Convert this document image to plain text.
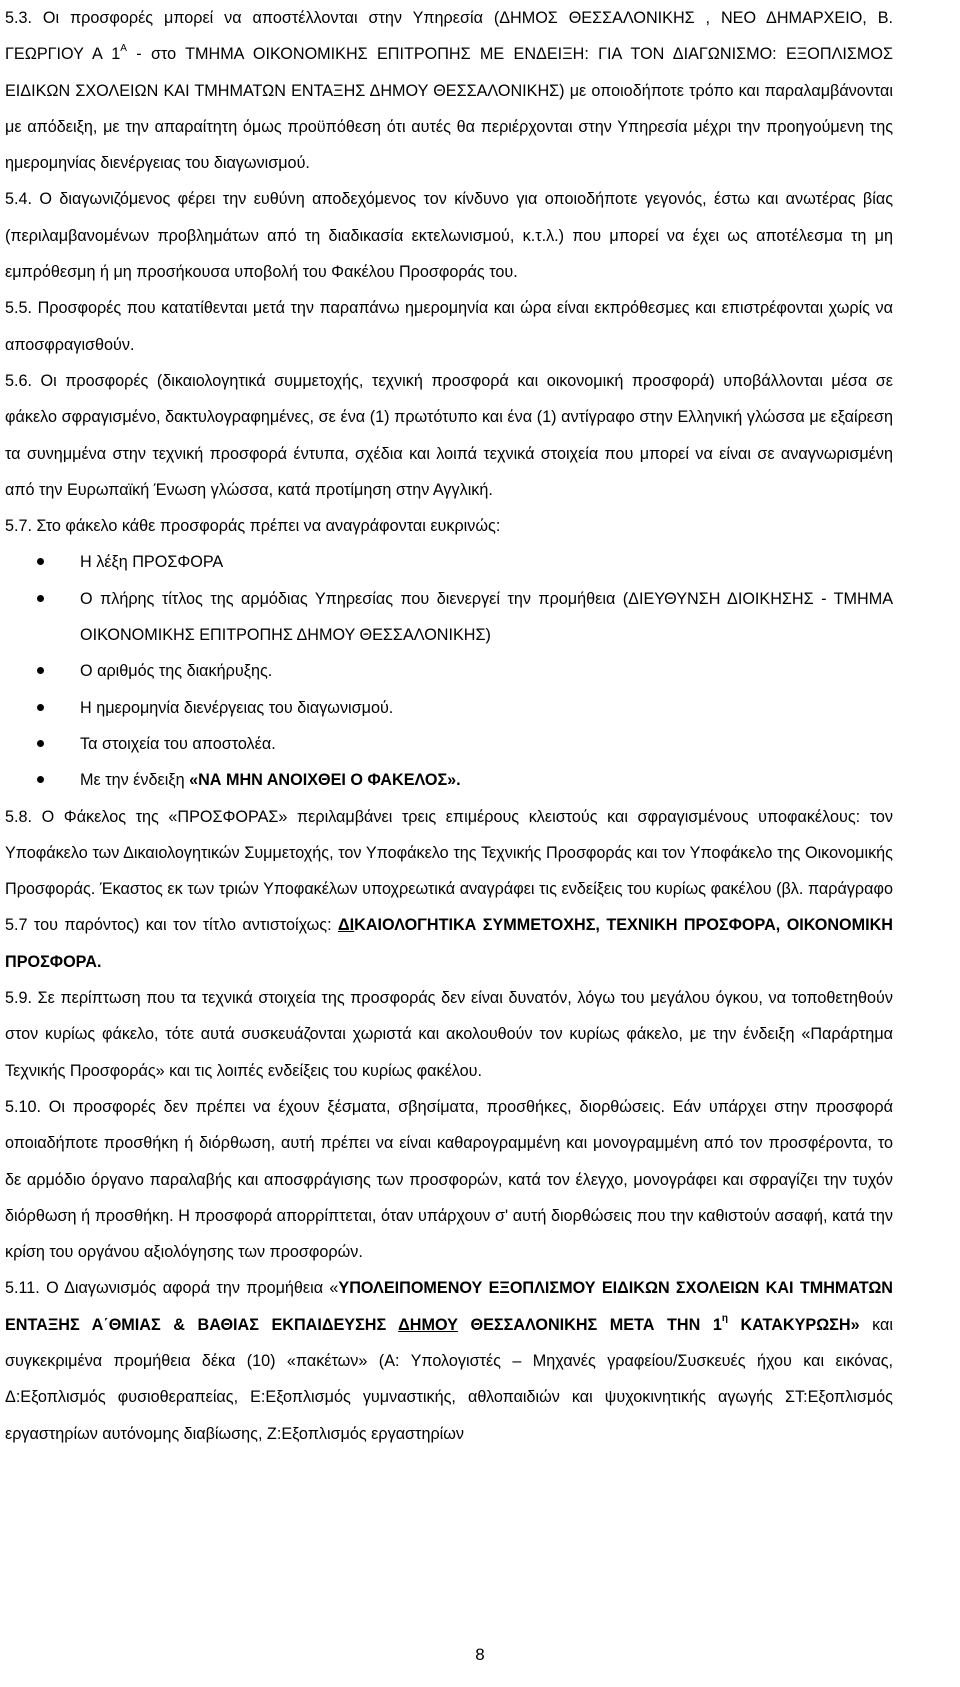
5.3. Οι προσφορές μπορεί να αποστέλλονται στην Υπηρεσία (ΔΗΜΟΣ ΘΕΣΣΑΛΟΝΙΚΗΣ , ΝΕΟ ΔΗΜΑΡΧΕΙΟ, Β. ΓΕΩΡΓΙΟΥ Α $1^A$ - στο ΤΜΗΜΑ ΟΙΚΟΝΟΜΙΚΗΣ ΕΠΙΤΡΟΠΗΣ ΜΕ ΕΝΔΕΙΞΗ: ΓΙΑ ΤΟΝ ΔΙΑΓΩΝΙΣΜΟ: ΕΞΟΠΛΙΣΜΟΣ ΕΙΔΙΚΩΝ ΣΧΟΛΕΙΩΝ ΚΑΙ ΤΜΗΜΑΤΩΝ ΕΝΤΑΞΗΣ ΔΗΜΟΥ ΘΕΣΣΑΛΟΝΙΚΗΣ) με οποιοδήποτε τρόπο και παραλαμβάνονται με απόδειξη, με την απαραίτητη όμως προϋπόθεση ότι αυτές θα περιέρχονται στην Υπηρεσία μέχρι την προηγούμενη της ημερομηνίας διενέργειας του διαγωνισμού.

5.4. Ο διαγωνιζόμενος φέρει την ευθύνη αποδεχόμενος τον κίνδυνο για οποιοδήποτε γεγονός, έστω και ανωτέρας βίας (περιλαμβανομένων προβλημάτων από τη διαδικασία εκτελωνισμού, κ.τ.λ.) που μπορεί να έχει ως αποτέλεσμα τη μη εμπρόθεσμη ή μη προσήκουσα υποβολή του Φακέλου Προσφοράς του.

5.5. Προσφορές που κατατίθενται μετά την παραπάνω ημερομηνία και ώρα είναι εκπρόθεσμες και επιστρέφονται χωρίς να αποσφραγισθούν.

5.6. Οι προσφορές (δικαιολογητικά συμμετοχής, τεχνική προσφορά και οικονομική προσφορά) υποβάλλονται μέσα σε φάκελο σφραγισμένο, δακτυλογραφημένες, σε ένα (1) πρωτότυπο και ένα (1) αντίγραφο στην Ελληνική γλώσσα με εξαίρεση τα συνημμένα στην τεχνική προσφορά έντυπα, σχέδια και λοιπά τεχνικά στοιχεία που μπορεί να είναι σε αναγνωρισμένη από την Ευρωπαϊκή Ένωση γλώσσα, κατά προτίμηση στην Αγγλική.

5.7. Στο φάκελο κάθε προσφοράς πρέπει να αναγράφονται ευκρινώς:

Η λέξη ΠΡΟΣΦΟΡΑ

Ο πλήρης τίτλος της αρμόδιας Υπηρεσίας που διενεργεί την προμήθεια (ΔΙΕΥΘΥΝΣΗ ΔΙΟΙΚΗΣΗΣ - ΤΜΗΜΑ ΟΙΚΟΝΟΜΙΚΗΣ ΕΠΙΤΡΟΠΗΣ ΔΗΜΟΥ ΘΕΣΣΑΛΟΝΙΚΗΣ)

Ο αριθμός της διακήρυξης.

Η ημερομηνία διενέργειας του διαγωνισμού.

Τα στοιχεία του αποστολέα.

Με την ένδειξη «ΝΑ ΜΗΝ ΑΝΟΙΧΘΕΙ Ο ΦΑΚΕΛΟΣ».

5.8. Ο Φάκελος της «ΠΡΟΣΦΟΡΑΣ» περιλαμβάνει τρεις επιμέρους κλειστούς και σφραγισμένους υποφακέλους: τον Υποφάκελο των Δικαιολογητικών Συμμετοχής, τον Υποφάκελο της Τεχνικής Προσφοράς και τον Υποφάκελο της Οικονομικής Προσφοράς. Έκαστος εκ των τριών Υποφακέλων υποχρεωτικά αναγράφει τις ενδείξεις του κυρίως φακέλου (βλ. παράγραφο 5.7 του παρόντος) και τον τίτλο αντιστοίχως: ΔΙΚΑΙΟΛΟΓΗΤΙΚΑ ΣΥΜΜΕΤΟΧΗΣ, ΤΕΧΝΙΚΗ ΠΡΟΣΦΟΡΑ, ΟΙΚΟΝΟΜΙΚΗ ΠΡΟΣΦΟΡΑ.

5.9. Σε περίπτωση που τα τεχνικά στοιχεία της προσφοράς δεν είναι δυνατόν, λόγω του μεγάλου όγκου, να τοποθετηθούν στον κυρίως φάκελο, τότε αυτά συσκευάζονται χωριστά και ακολουθούν τον κυρίως φάκελο, με την ένδειξη «Παράρτημα Τεχνικής Προσφοράς» και τις λοιπές ενδείξεις του κυρίως φακέλου.

5.10. Οι προσφορές δεν πρέπει να έχουν ξέσματα, σβησίματα, προσθήκες, διορθώσεις. Εάν υπάρχει στην προσφορά οποιαδήποτε προσθήκη ή διόρθωση, αυτή πρέπει να είναι καθαρογραμμένη και μονογραμμένη από τον προσφέροντα, το δε αρμόδιο όργανο παραλαβής και αποσφράγισης των προσφορών, κατά τον έλεγχο, μονογράφει και σφραγίζει την τυχόν διόρθωση ή προσθήκη. Η προσφορά απορρίπτεται, όταν υπάρχουν σ' αυτή διορθώσεις που την καθιστούν ασαφή, κατά την κρίση του οργάνου αξιολόγησης των προσφορών.

5.11. Ο Διαγωνισμός αφορά την προμήθεια «ΥΠΟΛΕΙΠΟΜΕΝΟΥ ΕΞΟΠΛΙΣΜΟΥ ΕΙΔΙΚΩΝ ΣΧΟΛΕΙΩΝ ΚΑΙ ΤΜΗΜΑΤΩΝ ΕΝΤΑΞΗΣ Α΄ΘΜΙΑΣ & ΒΑΘΙΑΣ ΕΚΠΑΙΔΕΥΣΗΣ ΔΗΜΟΥ ΘΕΣΣΑΛΟΝΙΚΗΣ ΜΕΤΑ ΤΗΝ $1^\eta$ ΚΑΤΑΚΥΡΩΣΗ» και συγκεκριμένα προμήθεια δέκα (10) «πακέτων» (Α: Υπολογιστές – Μηχανές γραφείου/Συσκευές ήχου και εικόνας, Δ:Εξοπλισμός φυσιοθεραπείας, Ε:Εξοπλισμός γυμναστικής, αθλοπαιδιών και ψυχοκινητικής αγωγής ΣΤ:Εξοπλισμός εργαστηρίων αυτόνομης διαβίωσης, Ζ:Εξοπλισμός εργαστηρίων

8
